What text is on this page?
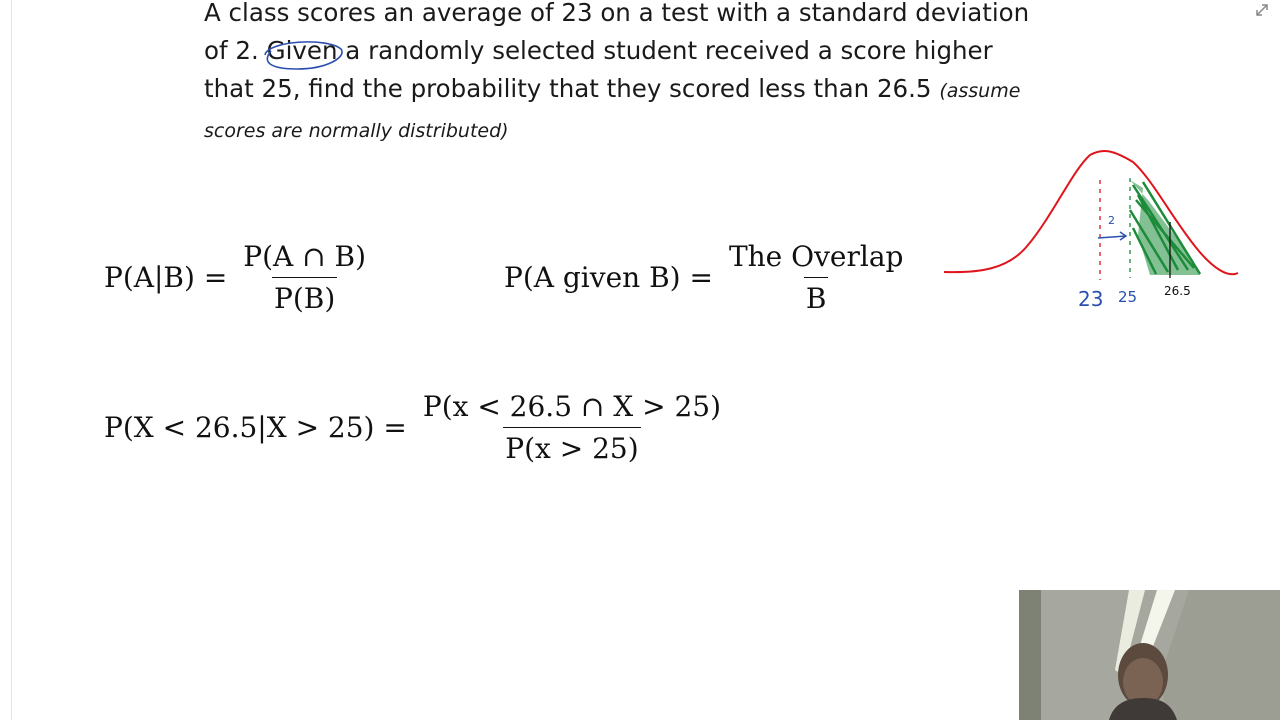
A class scores an average of 23 on a test with a standard deviation of 2. Given
a randomly selected student received a score higher that 25, find the probability that they scored less than 26.5 (assume scores are normally distributed)
$P(A|B) = \frac{P(A \cap B)}{P(B)}$	P(A given $B) = \frac{\text{The Overlap}}{B}$
$P(X < 26.5|X > 25) = \frac{P(x < 26.5 \cap X > 25)}{P(x > 25)}$
2
23 25 26.5
